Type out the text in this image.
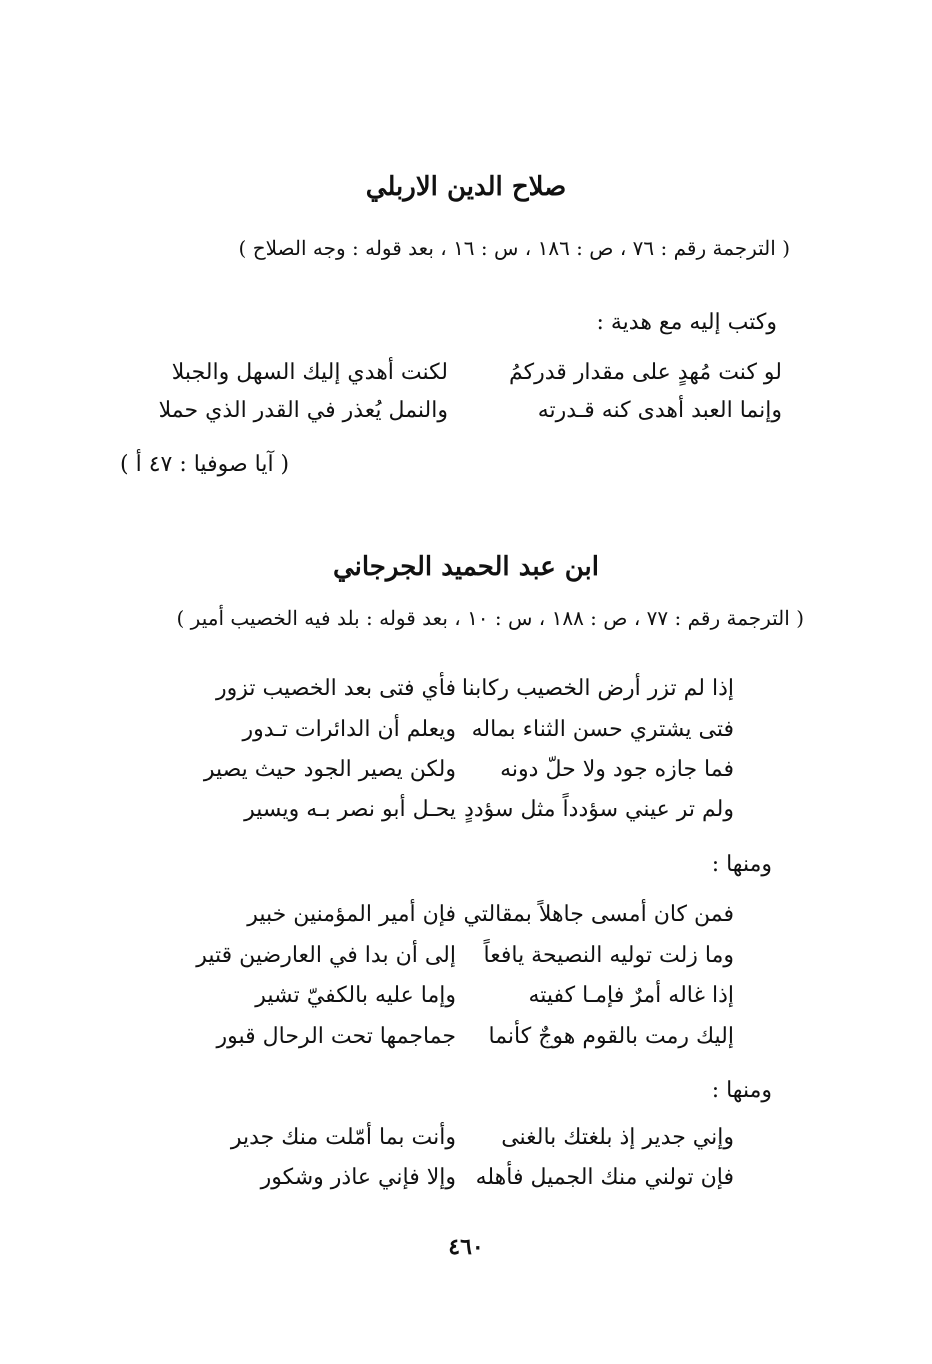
صلاح الدين الاربلي
( الترجمة رقم : ٧٦ ، ص : ١٨٦ ، س : ١٦ ، بعد قوله : وجه الصلاح )
وكتب إليه مع هدية :
لو كنت مُهدٍ على مقدار قدركمُ
لكنت أهدي إليك السهل والجبلا
وإنما العبد أهدى كنه قـدرته
والنمل يُعذر في القدر الذي حملا
( آيا صوفيا : ٤٧ أ )
ابن عبد الحميد الجرجاني
( الترجمة رقم : ٧٧ ، ص : ١٨٨ ، س : ١٠ ، بعد قوله : بلد فيه الخصيب أمير )
إذا لم تزر أرض الخصيب ركابنا
فأي فتى بعد الخصيب تزور
فتى يشتري حسن الثناء بماله
ويعلم أن الدائرات تـدور
فما جازه جود ولا حلّ دونه
ولكن يصير الجود حيث يصير
ولم تر عيني سؤدداً مثل سؤددٍ
يحـل أبو نصر بـه ويسير
ومنها :
فمن كان أمسى جاهلاً بمقالتي
فإن أمير المؤمنين خبير
وما زلت توليه النصيحة يافعاً
إلى أن بدا في العارضين قتير
إذا غاله أمرٌ فإمـا كفيته
وإما عليه بالكفيّ تشير
إليك رمت بالقوم هوجٌ كأنما
جماجمها تحت الرحال قبور
ومنها :
وإني جدير إذ بلغتك بالغنى
وأنت بما أمّلت منك جدير
فإن تولني منك الجميل فأهله
وإلا فإني عاذر وشكور
٤٦٠
